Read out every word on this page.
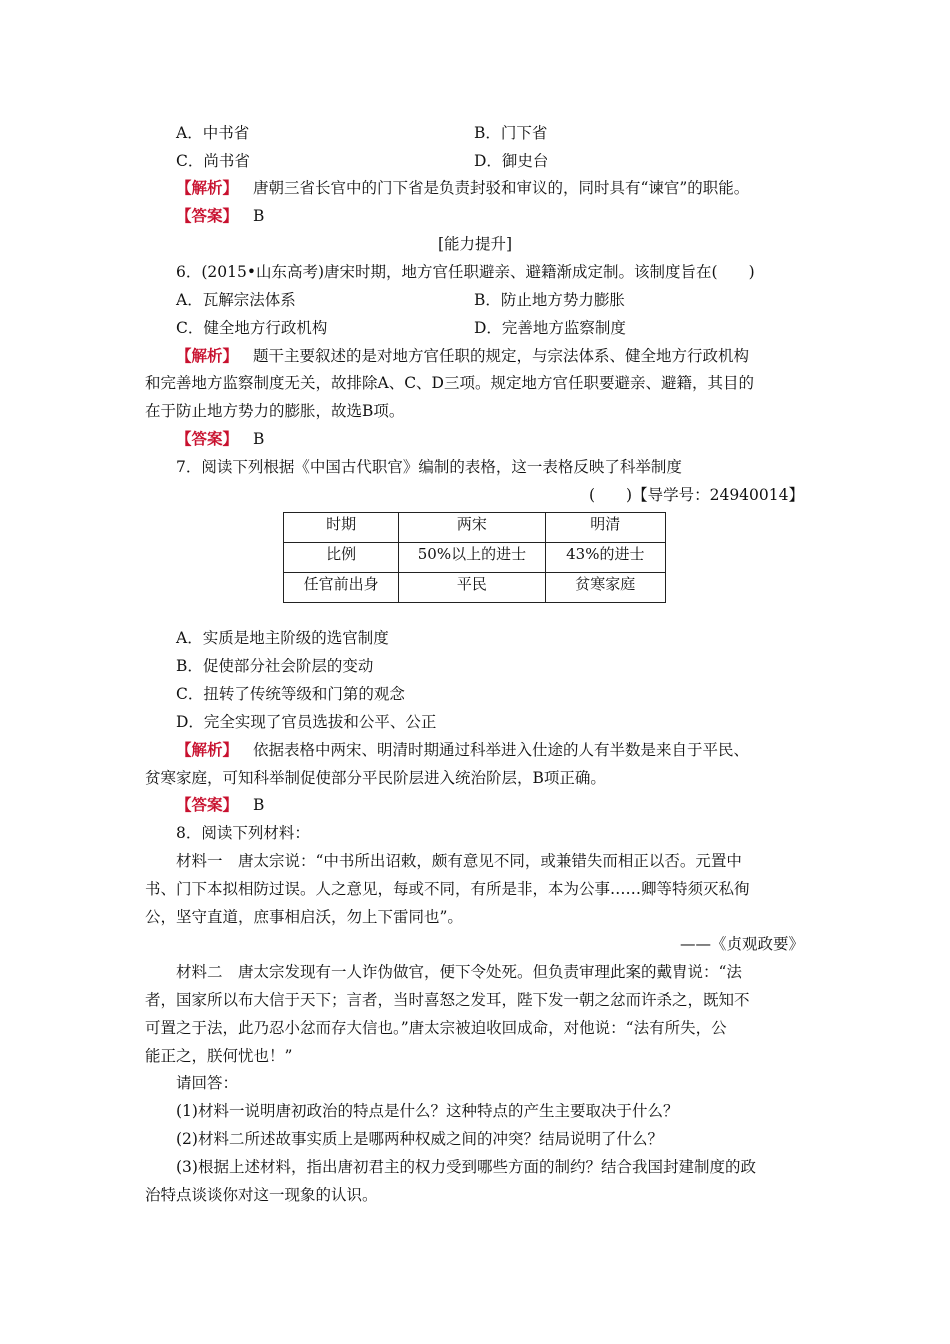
A．中书省	B．门下省
C．尚书省	D．御史台
【解析】 唐朝三省长官中的门下省是负责封驳和审议的，同时具有“谏官”的职能。
【答案】 B
[能力提升]
6．(2015•山东高考)唐宋时期，地方官任职避亲、避籍渐成定制。该制度旨在(　　)
A．瓦解宗法体系	B．防止地方势力膨胀
C．健全地方行政机构	D．完善地方监察制度
【解析】 题干主要叙述的是对地方官任职的规定，与宗法体系、健全地方行政机构
和完善地方监察制度无关，故排除A、C、D三项。规定地方官任职要避亲、避籍，其目的
在于防止地方势力的膨胀，故选B项。
【答案】 B
7．阅读下列根据《中国古代职官》编制的表格，这一表格反映了科举制度
(　　)【导学号：24940014】
时期	两宋	明清
比例	50%以上的进士	43%的进士
任官前出身	平民	贫寒家庭
A．实质是地主阶级的选官制度
B．促使部分社会阶层的变动
C．扭转了传统等级和门第的观念
D．完全实现了官员选拔和公平、公正
【解析】 依据表格中两宋、明清时期通过科举进入仕途的人有半数是来自于平民、
贫寒家庭，可知科举制促使部分平民阶层进入统治阶层，B项正确。
【答案】 B
8．阅读下列材料：
材料一　唐太宗说：“中书所出诏敕，颇有意见不同，或兼错失而相正以否。元置中
书、门下本拟相防过误。人之意见，每或不同，有所是非，本为公事……卿等特须灭私徇
公，坚守直道，庶事相启沃，勿上下雷同也”。
——《贞观政要》
材料二　唐太宗发现有一人诈伪做官，便下令处死。但负责审理此案的戴胄说：“法
者，国家所以布大信于天下；言者，当时喜怒之发耳，陛下发一朝之忿而许杀之，既知不
可置之于法，此乃忍小忿而存大信也。”唐太宗被迫收回成命，对他说：“法有所失，公
能正之，朕何忧也！”
请回答：
(1)材料一说明唐初政治的特点是什么？这种特点的产生主要取决于什么？
(2)材料二所述故事实质上是哪两种权威之间的冲突？结局说明了什么？
(3)根据上述材料，指出唐初君主的权力受到哪些方面的制约？结合我国封建制度的政
治特点谈谈你对这一现象的认识。
